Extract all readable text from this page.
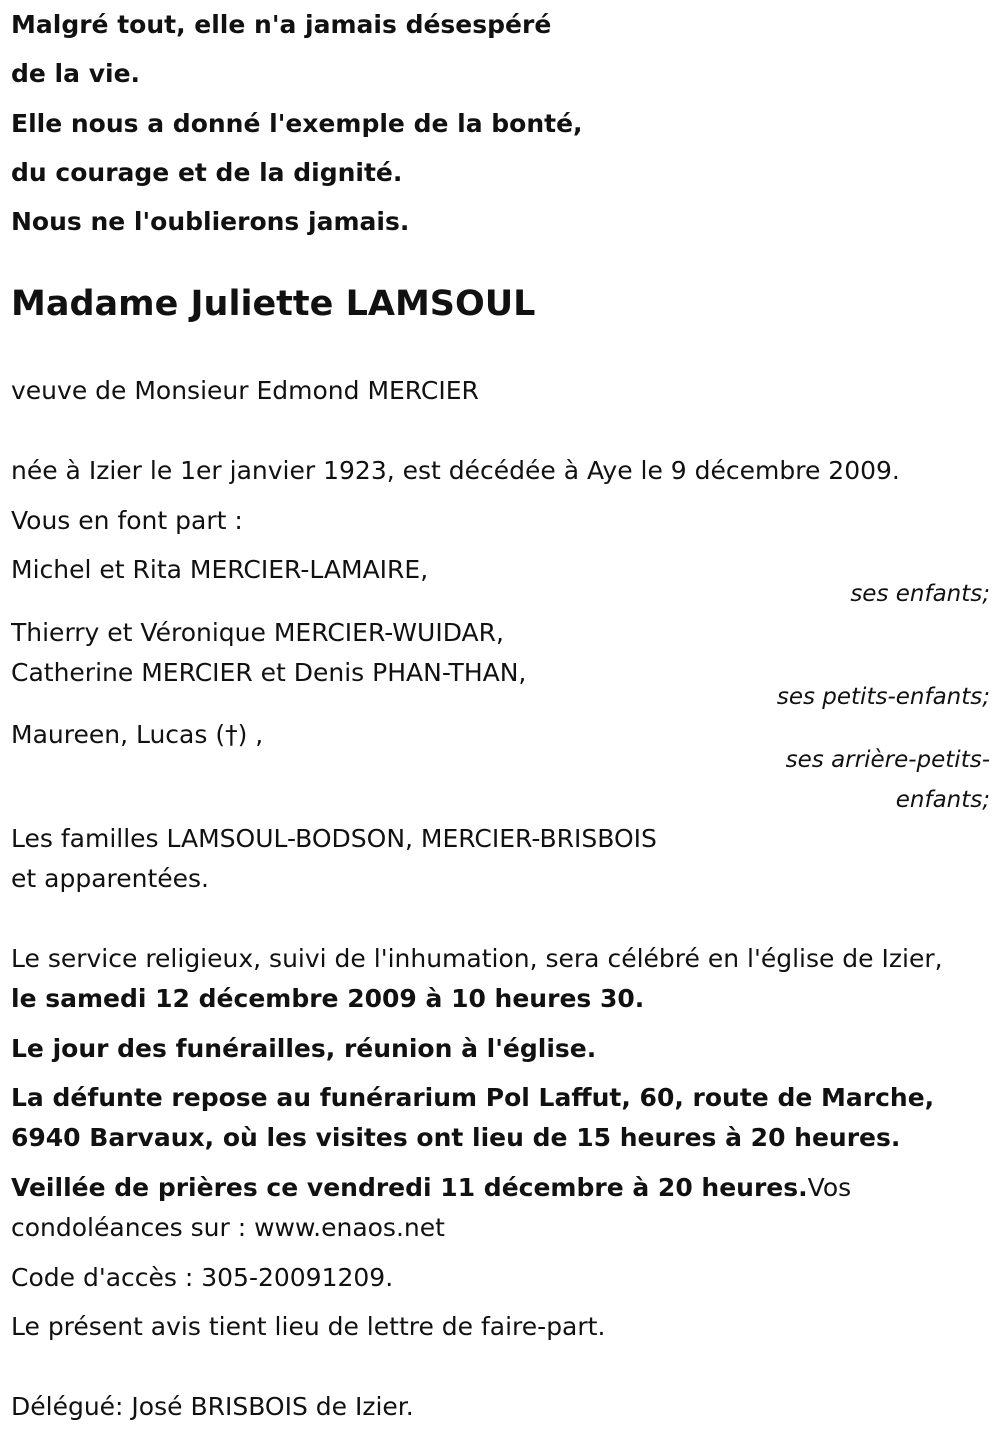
Malgré tout, elle n'a jamais désespéré
de la vie.
Elle nous a donné l'exemple de la bonté,
du courage et de la dignité.
Nous ne l'oublierons jamais.
Madame Juliette LAMSOUL
veuve de Monsieur Edmond MERCIER
née à Izier le 1er janvier 1923, est décédée à Aye le 9 décembre 2009.
Vous en font part :
Michel et Rita MERCIER-LAMAIRE,
ses enfants;
Thierry et Véronique MERCIER-WUIDAR,
Catherine MERCIER et Denis PHAN-THAN,
ses petits-enfants;
Maureen, Lucas (†) ,
ses arrière-petits-
enfants;
Les familles LAMSOUL-BODSON, MERCIER-BRISBOIS
et apparentées.
Le service religieux, suivi de l'inhumation, sera célébré en l'église de Izier,
le samedi 12 décembre 2009 à 10 heures 30.
Le jour des funérailles, réunion à l'église.
La défunte repose au funérarium Pol Laffut, 60, route de Marche,
6940 Barvaux, où les visites ont lieu de 15 heures à 20 heures.
Veillée de prières ce vendredi 11 décembre à 20 heures.Vos
condoléances sur : www.enaos.net
Code d'accès : 305-20091209.
Le présent avis tient lieu de lettre de faire-part.
Délégué: José BRISBOIS de Izier.
